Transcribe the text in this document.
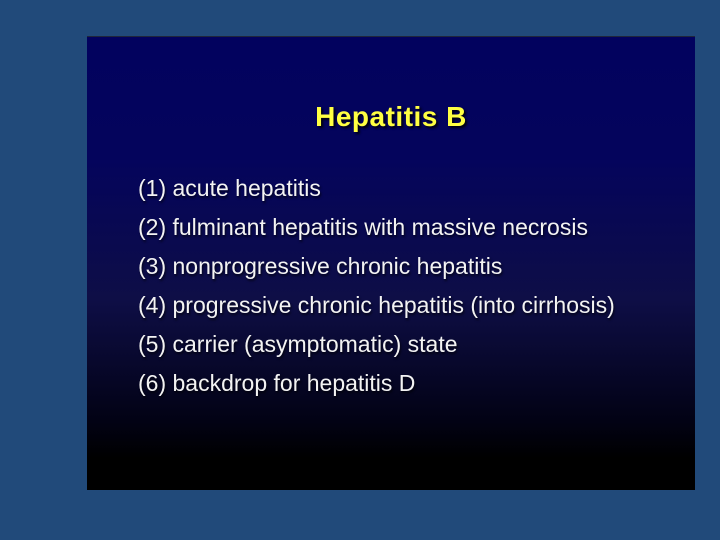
Hepatitis B
(1) acute hepatitis
(2) fulminant hepatitis with massive necrosis
(3) nonprogressive chronic hepatitis
(4) progressive chronic hepatitis (into cirrhosis)
(5) carrier (asymptomatic) state
(6) backdrop for hepatitis D
